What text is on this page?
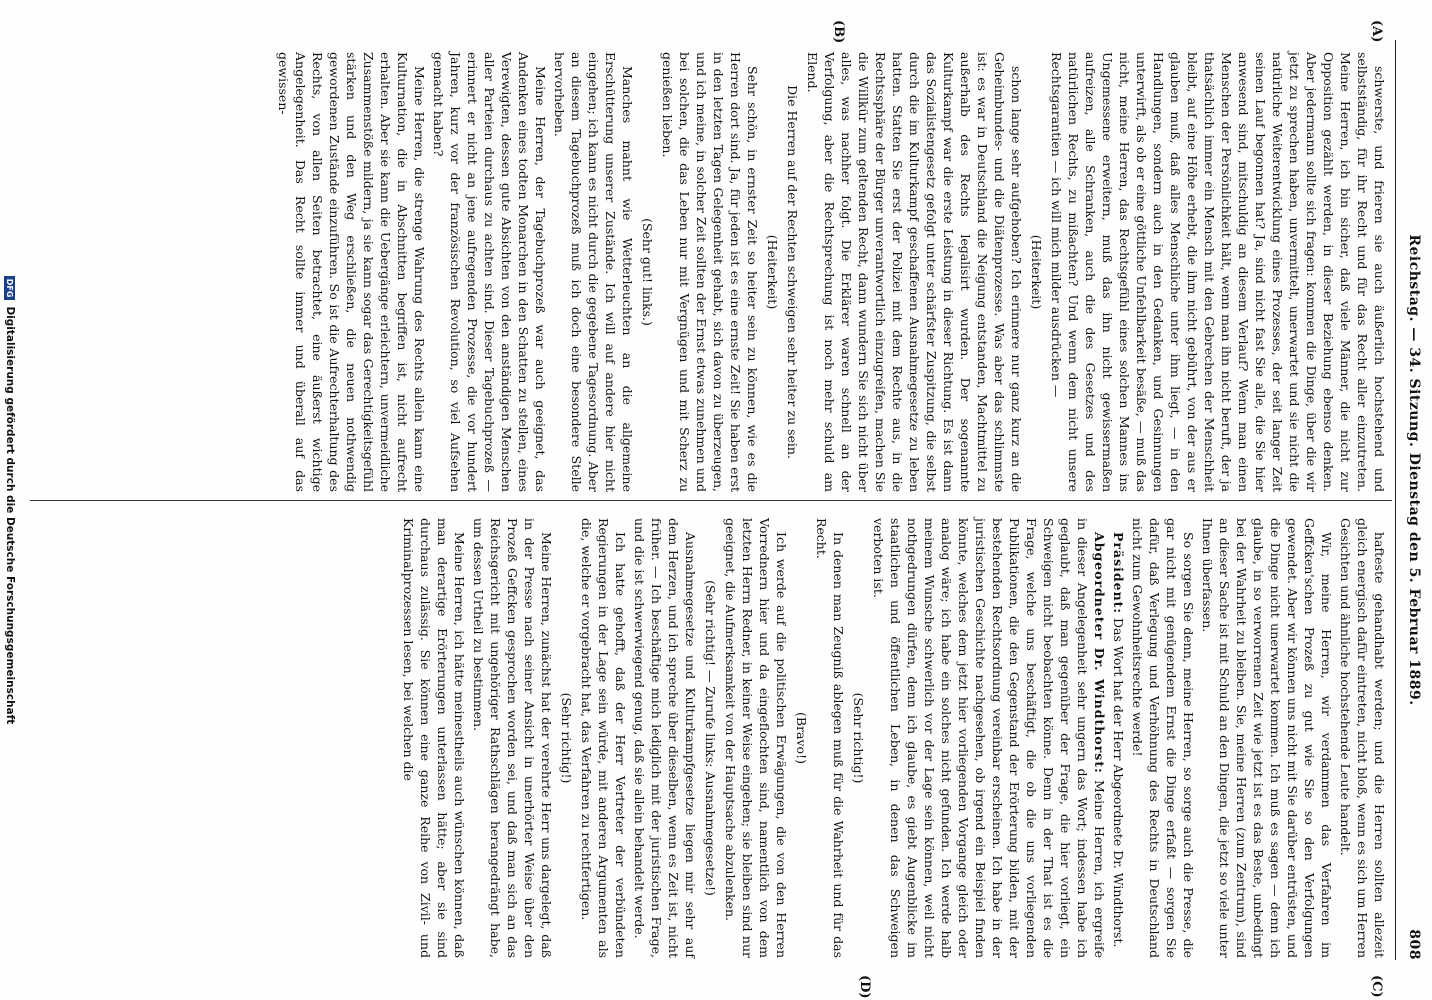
Reichstag. — 34. Sitzung. Dienstag den 5. Februar 1889.
808
(A)
(B)
(C)
(D)

schwerste, und frieren sie auch äußerlich hochstehend und selbstständig, für ihr Recht und für das Recht aller einzutreten. Meine Herren, ich bin sicher, daß viele Männer, die nicht zur Opposition gezählt werden, in dieser Beziehung ebenso denken. Aber jedermann sollte sich fragen: kommen die Dinge, über die wir jetzt zu sprechen haben, unvermittelt, unerwartet und sie nicht die natürliche Weiterentwicklung eines Prozesses, der seit langer Zeit seinen Lauf begonnen hat? Ja, sind nicht fast Sie alle, die Sie hier anwesend sind, mitschuldig an diesem Verlauf? Wenn man einen Menschen der Persönlichkeit hält, wenn man ihn nicht beruft, der ja thatsächlich immer ein Mensch mit den Gebrechen der Menschheit bleibt, auf eine Höhe erhebt, die ihm nicht gebührt, von der aus er glauben muß, daß alles Menschliche unter ihm liegt, — in den Handlungen, sondern auch in den Gedanken, und Gesinnungen unterwirft, als ob er eine göttliche Unfehlbarkeit besäße, — muß das nicht, meine Herren, das Rechtsgefühl eines solchen Mannes ins Ungemessene erweitern, muß das ihn nicht gewissermaßen aufreizen, alle Schranken, auch die des Gesetzes und des natürlichen Rechts, zu mißachten? Und wenn dem nicht unsere Rechtsgarantien — ich will mich milder ausdrücken —

(Heiterkeit)

schon lange sehr aufgehoben? Ich erinnere nur ganz kurz an die Geheimbundes- und die Diätenprozesse. Was aber das schlimmste ist: es war in Deutschland die Neigung entstanden, Machtmittel zu außerhalb des Rechts legalisirt wurden. Der sogenannte Kulturkampf war die erste Leistung in dieser Richtung. Es ist dann das Sozialistengesetz gefolgt unter schärfster Zuspitzung, die selbst durch die im Kulturkampf geschaffenen Ausnahmegesetze zu leben hatten. Statten Sie erst der Polizei mit dem Rechte aus, in die Rechtssphäre der Bürger unverantwortlich einzugreifen, machen Sie die Willkür zum geltenden Recht, dann wundern Sie sich nicht über alles, was nachher folgt. Die Erklärer waren schnell an der Verfolgung, aber die Rechtsprechung ist noch mehr schuld am Elend.

Die Herren auf der Rechten schweigen sehr heiter zu sein.

(Heiterkeit)

Sehr schön, in ernster Zeit so heiter sein zu können, wie es die Herren dort sind. Ja, für jeden ist es eine ernste Zeit! Sie haben erst in den letzten Tagen Gelegenheit gehabt, sich davon zu überzeugen, und ich meine, in solcher Zeit sollten der Ernst etwas zunehmen und bei solchen, die das Leben nur mit Vergnügen und mit Scherz zu genießen lieben.

(Sehr gut! links.)

Manches mahnt wie Wetterleuchten an die allgemeine Erschütterung unserer Zustände. Ich will auf andere hier nicht eingehen; ich kann es nicht durch die gegebene Tagesordnung. Aber an diesem Tagebuchprozeß muß ich doch eine besondere Stelle hervorheben.

Meine Herren, der Tagebuchprozeß war auch geeignet, das Andenken eines todten Monarchen in den Schatten zu stellen, eines Verewigten, dessen gute Absichten von den anständigen Menschen aller Parteien durchaus zu achten sind. Dieser Tagebuchprozeß — erinnert er nicht an jene aufregenden Prozesse, die vor hundert Jahren, kurz vor der französischen Revolution, so viel Aufsehen gemacht haben?

Meine Herren, die strenge Wahrung des Rechts allein kann eine Kulturnation, die in Abschnitten begriffen ist, nicht aufrecht erhalten. Aber sie kann die Uebergänge erleichtern, unvermeidliche Zusammenstöße mildern, ja sie kann sogar das Gerechtigkeitsgefühl stärken und den Weg erschließen, die neuen nothwendig gewordenen Zustände einzuführen. So ist die Aufrechterhaltung des Rechts, von allen Seiten betrachtet, eine äußerst wichtige Angelegenheit. Das Recht sollte immer und überall auf das gewissen-

hafteste gehandhabt werden; und die Herren sollten allezeit gleich energisch dafür eintreten, nicht bloß, wenn es sich um Herren Gesichten und ähnliche hochstehende Leute handelt.

Wir, meine Herren, wir verdammen das Verfahren im Geffcken'schen Prozeß zu gut wie Sie so den Verfolgungen gewendet. Aber wir können uns nicht mit Sie darüber entrüsten, und die Dinge nicht unerwartet kommen. Ich muß es sagen — denn ich glaube, in so verworrenen Zeit wie jetzt ist es das Beste, unbedingt bei der Wahrheit zu bleiben. Sie, meine Herren (zum Zentrum), sind an dieser Sache ist mit Schuld an den Dingen, die jetzt so viele unter Ihnen überfassen.

So sorgen Sie denn, meine Herren, so sorge auch die Presse, die gar nicht mit genügendem Ernst die Dinge erfaßt — sorgen Sie dafür, daß Verlegung und Verhöhnung des Rechts in Deutschland nicht zum Gewohnheitsrechte werde!

Präsident: Das Wort hat der Herr Abgeordnete Dr. Windthorst.

Abgeordneter Dr. Windthorst: Meine Herren, ich ergreife in dieser Angelegenheit sehr ungern das Wort; indessen habe ich geglaubt, daß man gegenüber der Frage, die hier vorliegt, ein Schweigen nicht beobachten könne. Denn in der That ist es die Frage, welche uns beschäftigt, die ob die uns vorliegenden Publikationen, die den Gegenstand der Erörterung bilden, mit der bestehenden Rechtsordnung vereinbar erscheinen. Ich habe in der juristischen Geschichte nachgesehen, ob irgend ein Beispiel finden könnte, welches dem jetzt hier vorliegenden Vorgange gleich oder analog wäre; ich habe ein solches nicht gefunden. Ich werde halb meinem Wunsche schwerlich vor der Lage sein können, weil nicht nothgedrungen dürfen, denn ich glaube, es giebt Augenblicke im staatlichen und öffentlichen Leben, in denen das Schweigen verboten ist.

(Sehr richtig!)

In denen man Zeugniß ablegen muß für die Wahrheit und für das Recht.

(Bravo!)

Ich werde auf die politischen Erwägungen, die von den Herren Vorrednern hier und da eingeflochten sind, namentlich von dem letzten Herrn Redner, in keiner Weise eingehen; sie bleiben sind nur geeignet, die Aufmerksamkeit von der Hauptsache abzulenken.

(Sehr richtig! — Zurufe links: Ausnahmegesetze!)

Ausnahmegesetze und Kulturkampfgesetze liegen mir sehr auf dem Herzen, und ich spreche über dieselben, wenn es Zeit ist, nicht früher. — Ich beschäftige mich lediglich mit der juristischen Frage, und die ist schwerwiegend genug, daß sie allein behandelt werde.

Ich hatte gehofft, daß der Herr Vertreter der verbündeten Regierungen in der Lage sein würde, mit anderen Argumenten als die, welche er vorgebracht hat, das Verfahren zu rechtfertigen.

(Sehr richtig!)

Meine Herren, zunächst hat der verehrte Herr uns dargelegt, daß in der Presse nach seiner Ansicht in unerhörter Weise über den Prozeß Geffcken gesprochen worden sei, und daß man sich an das Reichsgericht mit ungehöriger Rathschlägen herangedrängt habe, um dessen Urtheil zu bestimmen.

Meine Herren, ich hätte meinestheils auch wünschen können, daß man derartige Erörterungen unterlassen hätte; aber sie sind durchaus zulässig. Sie können eine ganze Reihe von Zivil- und Kriminalprozessen lesen, bei welchen die

DFGDigitalisierung gefördert durch die Deutsche Forschungsgemeinschaft
